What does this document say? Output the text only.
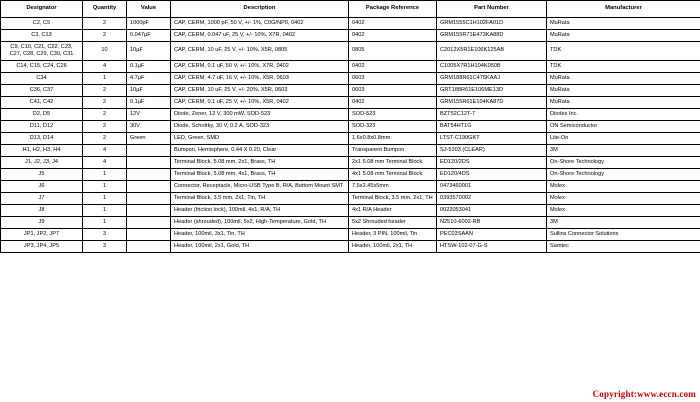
Designator	Quantity	Value	Description	Package Reference	Part Number	Manufacturer
C2, C5	2	1000pF	CAP, CERM, 1000 pF, 50 V, +/- 1%, C0G/NP0, 0402	0402	GRM1555C1H102FA01D	MuRata
C3, C13	2	0.047µF	CAP, CERM, 0.047 uF, 25 V, +/- 10%, X7R, 0402	0402	GRM155R71E473KA88D	MuRata
C9, C10, C21, C22, C23, C27, C28, C29, C30, C31	10	10µF	CAP, CERM, 10 uF, 25 V, +/- 10%, X5R, 0805	0805	C2012X5R1E106K125AB	TDK
C14, C15, C24, C26	4	0.1µF	CAP, CERM, 0.1 uF, 50 V, +/- 10%, X7R, 0402	0402	C1005X7R1H104K050B	TDK
C34	1	4.7µF	CAP, CERM, 4.7 uF, 16 V, +/- 10%, X5R, 0603	0603	GRM188R61C475KAAJ	MuRata
C36, C37	2	10µF	CAP, CERM, 10 uF, 25 V, +/- 20%, X5R, 0603	0603	GRT188R61E106ME13D	MuRata
C41, C42	2	0.1µF	CAP, CERM, 0.1 uF, 25 V, +/- 10%, X5R, 0402	0402	GRM155R61E104KA87D	MuRata
D2, D5	2	12V	Diode, Zener, 12 V, 300 mW, SOD-523	SOD-523	BZT52C12T-7	Diodes Inc.
D11, D12	2	30V	Diode, Schottky, 30 V, 0.2 A, SOD-323	SOD-323	BAT54HT1G	ON Semiconductor
D13, D14	2	Green	LED, Green, SMD	1.6x0.8x0.8mm	LTST-C190GKT	Lite-On
H1, H2, H3, H4	4		Bumpon, Hemisphere, 0.44 X 0.20, Clear	Transparent Bumpon	SJ-5303 (CLEAR)	3M
J1, J2, J3, J4	4		Terminal Block, 5.08 mm, 2x1, Brass, TH	2x1 5.08 mm Terminal Block	ED120/2DS	On-Shore Technology
J5	1		Terminal Block, 5.08 mm, 4x1, Brass, TH	4x1 5.08 mm Terminal Block	ED120/4DS	On-Shore Technology
J6	1		Connector, Receptacle, Micro-USB Type B, R/A, Bottom Mount SMT	7.5x2.45x5mm	0473460001	Molex
J7	1		Terminal Block, 3.5 mm, 2x1, Tin, TH	Terminal Block, 3.5 mm, 2x1, TH	0393570002	Molex
J8	1		Header (friction lock), 100mil, 4x1, R/A, TH	4x1 R/A Header	0022053041	Molex
J9	1		Header (shrouded), 100mil, 5x2, High-Temperature, Gold, TH	5x2 Shrouded header	N2510-6002-RB	3M
JP1, JP2, JP7	3		Header, 100mil, 3x1, Tin, TH	Header, 3 PIN, 100mil, Tin	PEC03SAAN	Sullins Connector Solutions
JP3, JP4, JP5	3		Header, 100mil, 2x1, Gold, TH	Header, 100mil, 2x1, TH	HTSW-102-07-G-S	Samtec
Copyright:www.eccn.com
